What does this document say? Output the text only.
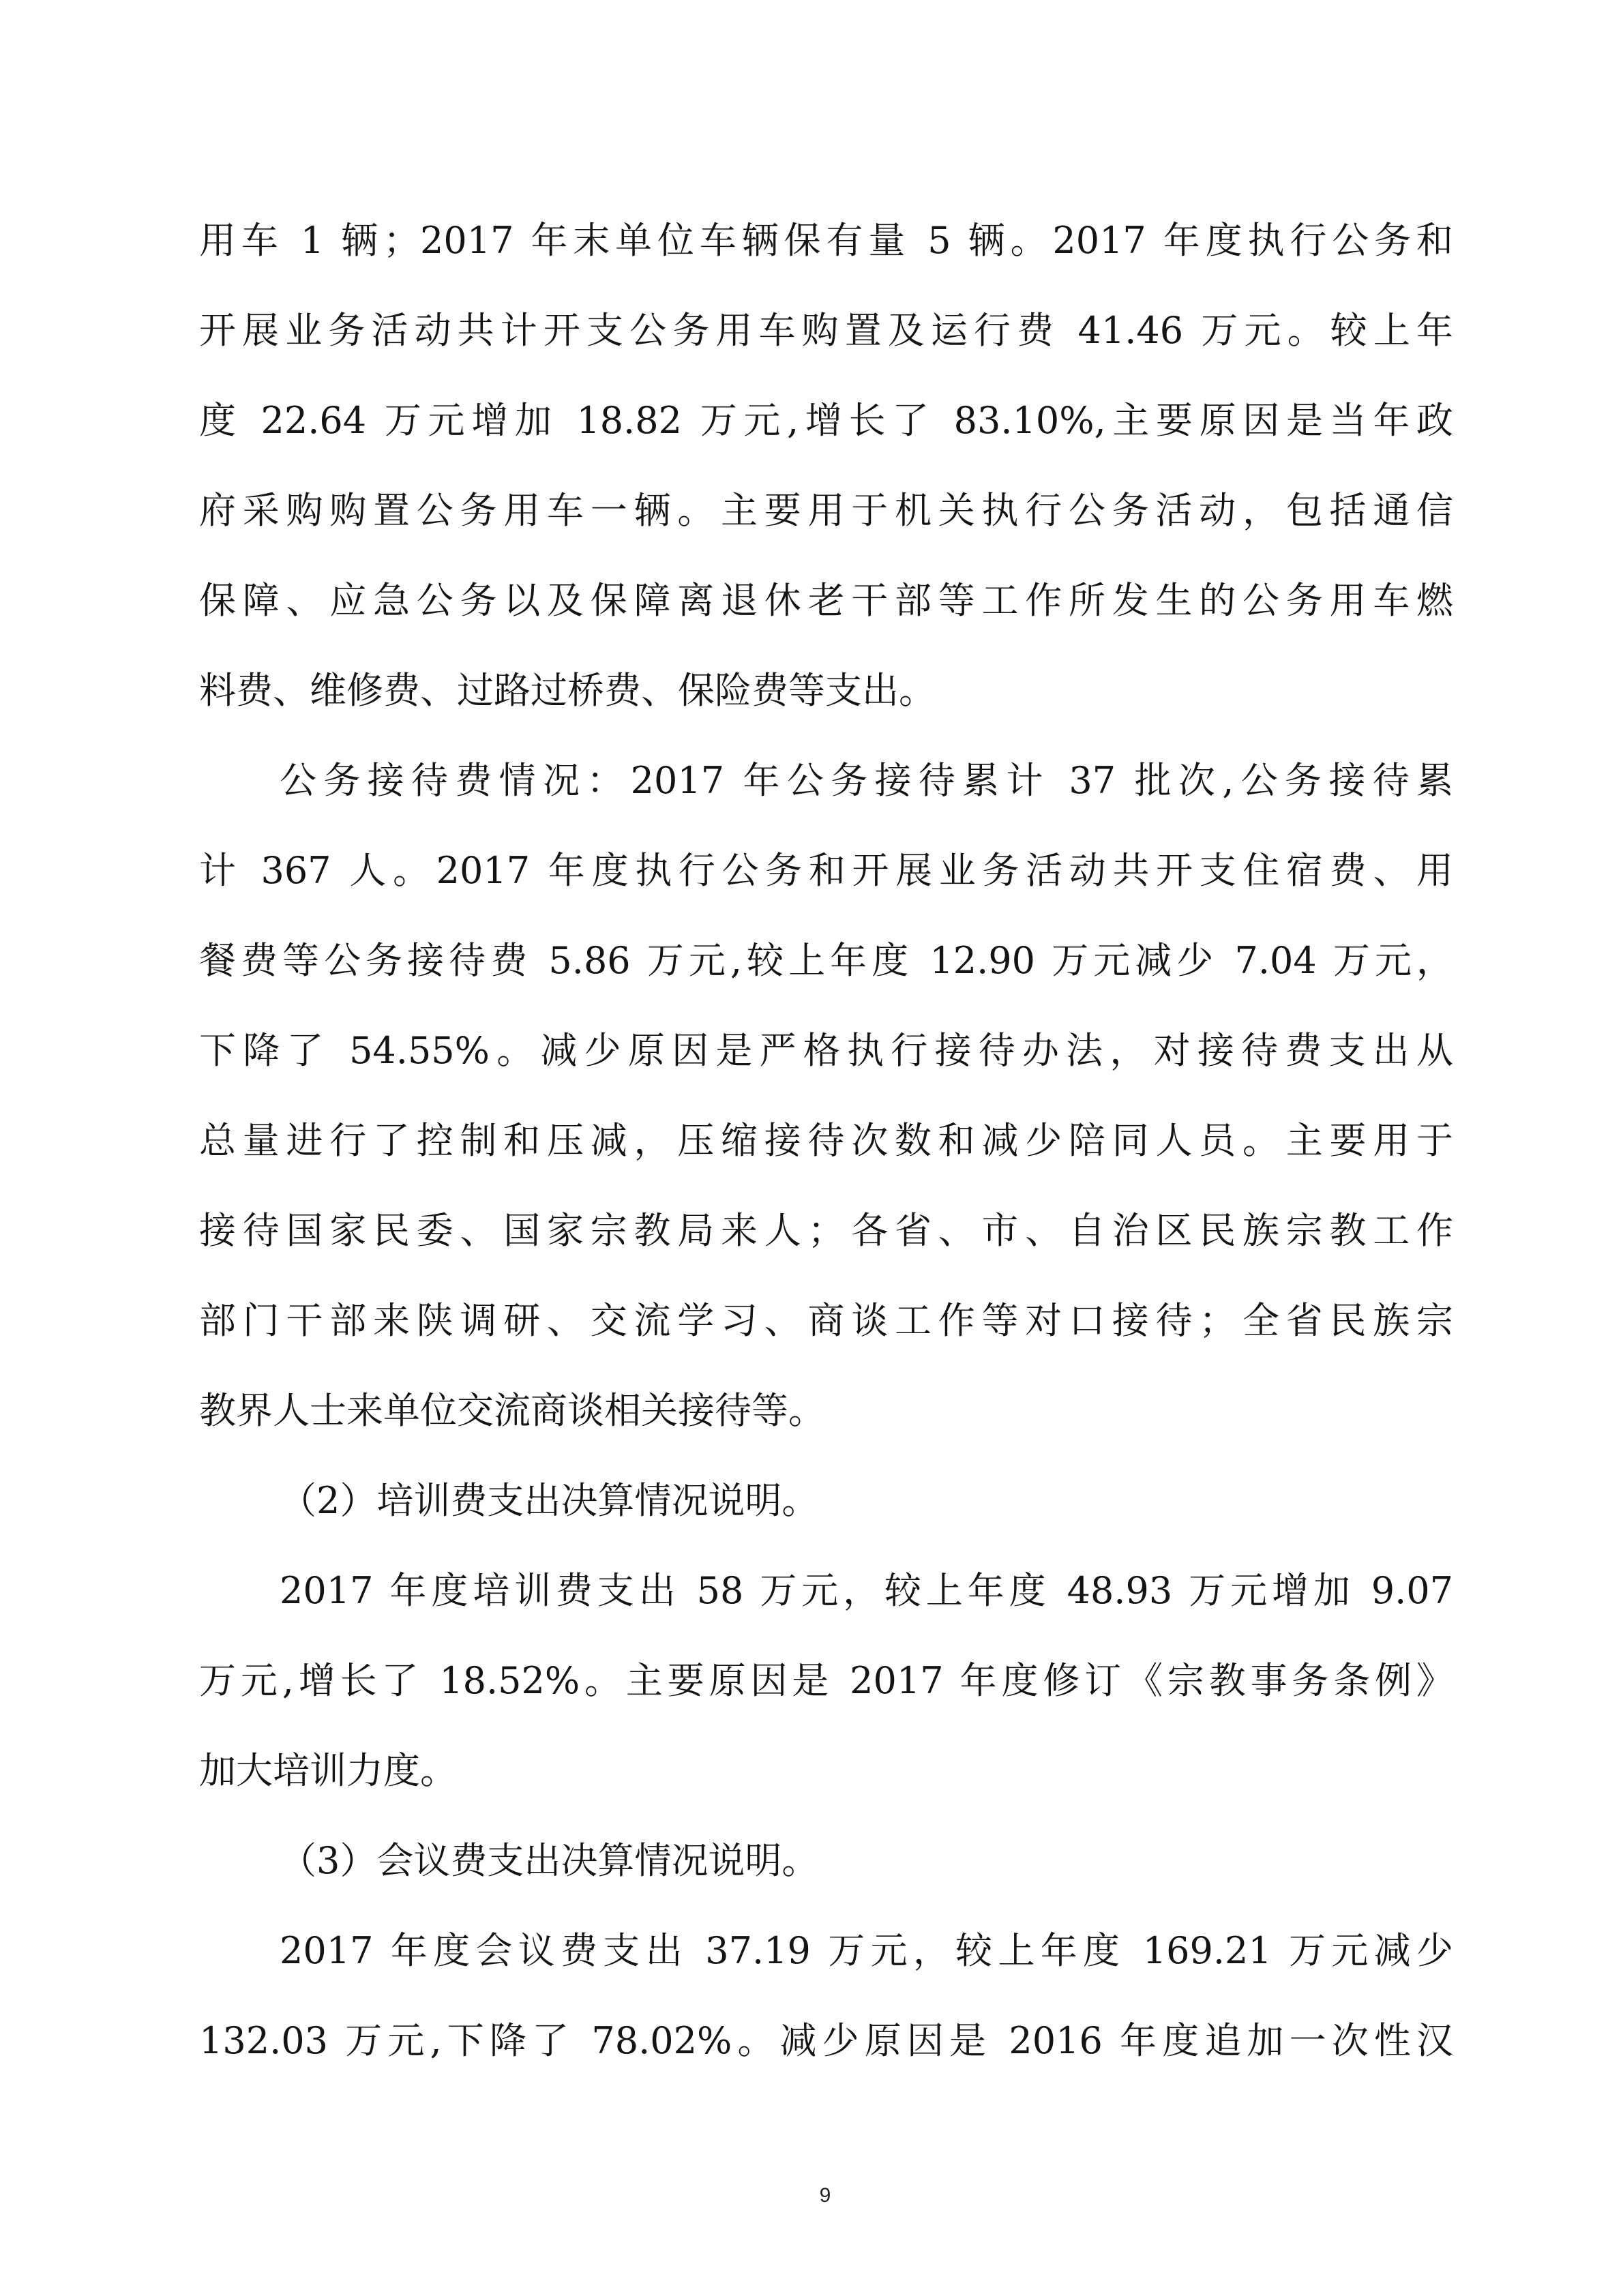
用车 1 辆；2017 年末单位车辆保有量 5 辆。2017 年度执行公务和
开展业务活动共计开支公务用车购置及运行费 41.46 万元。较上年
度 22.64 万元增加 18.82 万元,增长了 83.10%,主要原因是当年政
府采购购置公务用车一辆。主要用于机关执行公务活动，包括通信
保障、应急公务以及保障离退休老干部等工作所发生的公务用车燃
料费、维修费、过路过桥费、保险费等支出。
公务接待费情况：2017 年公务接待累计 37 批次,公务接待累
计 367 人。2017 年度执行公务和开展业务活动共开支住宿费、用
餐费等公务接待费 5.86 万元,较上年度 12.90 万元减少 7.04 万元，
下降了 54.55%。减少原因是严格执行接待办法，对接待费支出从
总量进行了控制和压减，压缩接待次数和减少陪同人员。主要用于
接待国家民委、国家宗教局来人；各省、市、自治区民族宗教工作
部门干部来陕调研、交流学习、商谈工作等对口接待；全省民族宗
教界人士来单位交流商谈相关接待等。
（2）培训费支出决算情况说明。
2017 年度培训费支出 58 万元，较上年度 48.93 万元增加 9.07
万元,增长了 18.52%。主要原因是 2017 年度修订《宗教事务条例》
加大培训力度。
（3）会议费支出决算情况说明。
2017 年度会议费支出 37.19 万元，较上年度 169.21 万元减少
132.03 万元,下降了 78.02%。减少原因是 2016 年度追加一次性汉
9
